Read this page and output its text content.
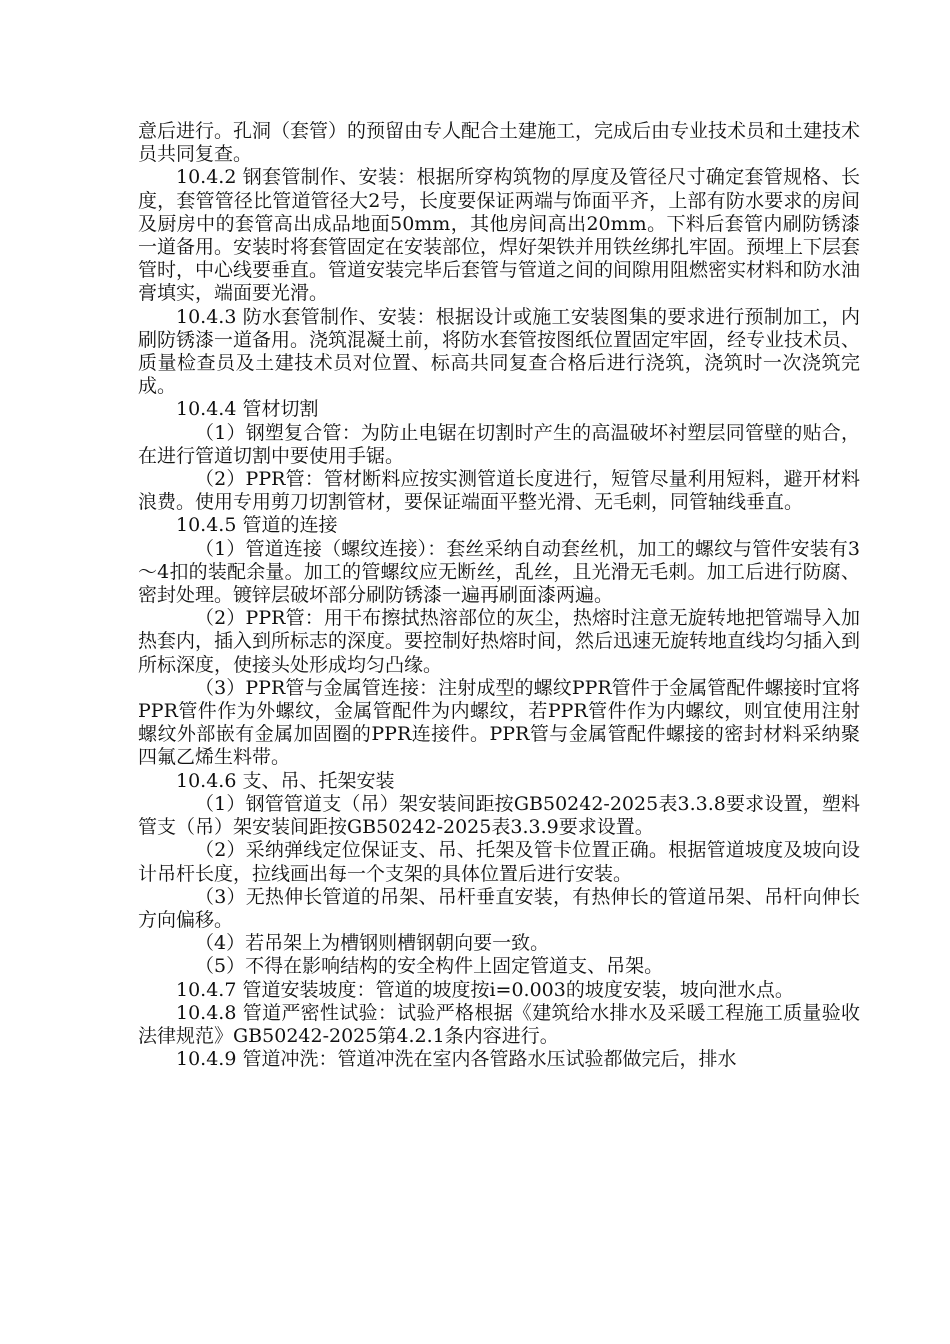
意后进行。孔洞（套管）的预留由专人配合土建施工，完成后由专业技术员和土建技术员共同复查。

10.4.2 钢套管制作、安装：根据所穿构筑物的厚度及管径尺寸确定套管规格、长度，套管管径比管道管径大2号，长度要保证两端与饰面平齐，上部有防水要求的房间及厨房中的套管高出成品地面50mm，其他房间高出20mm。下料后套管内刷防锈漆一道备用。安装时将套管固定在安装部位，焊好架铁并用铁丝绑扎牢固。预埋上下层套管时，中心线要垂直。管道安装完毕后套管与管道之间的间隙用阻燃密实材料和防水油膏填实，端面要光滑。

10.4.3 防水套管制作、安装：根据设计或施工安装图集的要求进行预制加工，内刷防锈漆一道备用。浇筑混凝土前，将防水套管按图纸位置固定牢固，经专业技术员、质量检查员及土建技术员对位置、标高共同复查合格后进行浇筑，浇筑时一次浇筑完成。

10.4.4 管材切割

（1）钢塑复合管：为防止电锯在切割时产生的高温破坏衬塑层同管壁的贴合，在进行管道切割中要使用手锯。

（2）PPR管：管材断料应按实测管道长度进行，短管尽量利用短料，避开材料浪费。使用专用剪刀切割管材，要保证端面平整光滑、无毛刺，同管轴线垂直。

10.4.5 管道的连接

（1）管道连接（螺纹连接）：套丝采纳自动套丝机，加工的螺纹与管件安装有3～4扣的装配余量。加工的管螺纹应无断丝，乱丝，且光滑无毛刺。加工后进行防腐、密封处理。镀锌层破坏部分刷防锈漆一遍再刷面漆两遍。

（2）PPR管：用干布擦拭热溶部位的灰尘，热熔时注意无旋转地把管端导入加热套内，插入到所标志的深度。要控制好热熔时间，然后迅速无旋转地直线均匀插入到所标深度，使接头处形成均匀凸缘。

（3）PPR管与金属管连接：注射成型的螺纹PPR管件于金属管配件螺接时宜将PPR管件作为外螺纹，金属管配件为内螺纹，若PPR管件作为内螺纹，则宜使用注射螺纹外部嵌有金属加固圈的PPR连接件。PPR管与金属管配件螺接的密封材料采纳聚四氟乙烯生料带。

10.4.6 支、吊、托架安装

（1）钢管管道支（吊）架安装间距按GB50242-2025表3.3.8要求设置，塑料管支（吊）架安装间距按GB50242-2025表3.3.9要求设置。

（2）采纳弹线定位保证支、吊、托架及管卡位置正确。根据管道坡度及坡向设计吊杆长度，拉线画出每一个支架的具体位置后进行安装。

（3）无热伸长管道的吊架、吊杆垂直安装，有热伸长的管道吊架、吊杆向伸长方向偏移。

（4）若吊架上为槽钢则槽钢朝向要一致。

（5）不得在影响结构的安全构件上固定管道支、吊架。

10.4.7 管道安装坡度：管道的坡度按i=0.003的坡度安装，坡向泄水点。

10.4.8 管道严密性试验：试验严格根据《建筑给水排水及采暖工程施工质量验收法律规范》GB50242-2025第4.2.1条内容进行。

10.4.9 管道冲洗：管道冲洗在室内各管路水压试验都做完后，排水
